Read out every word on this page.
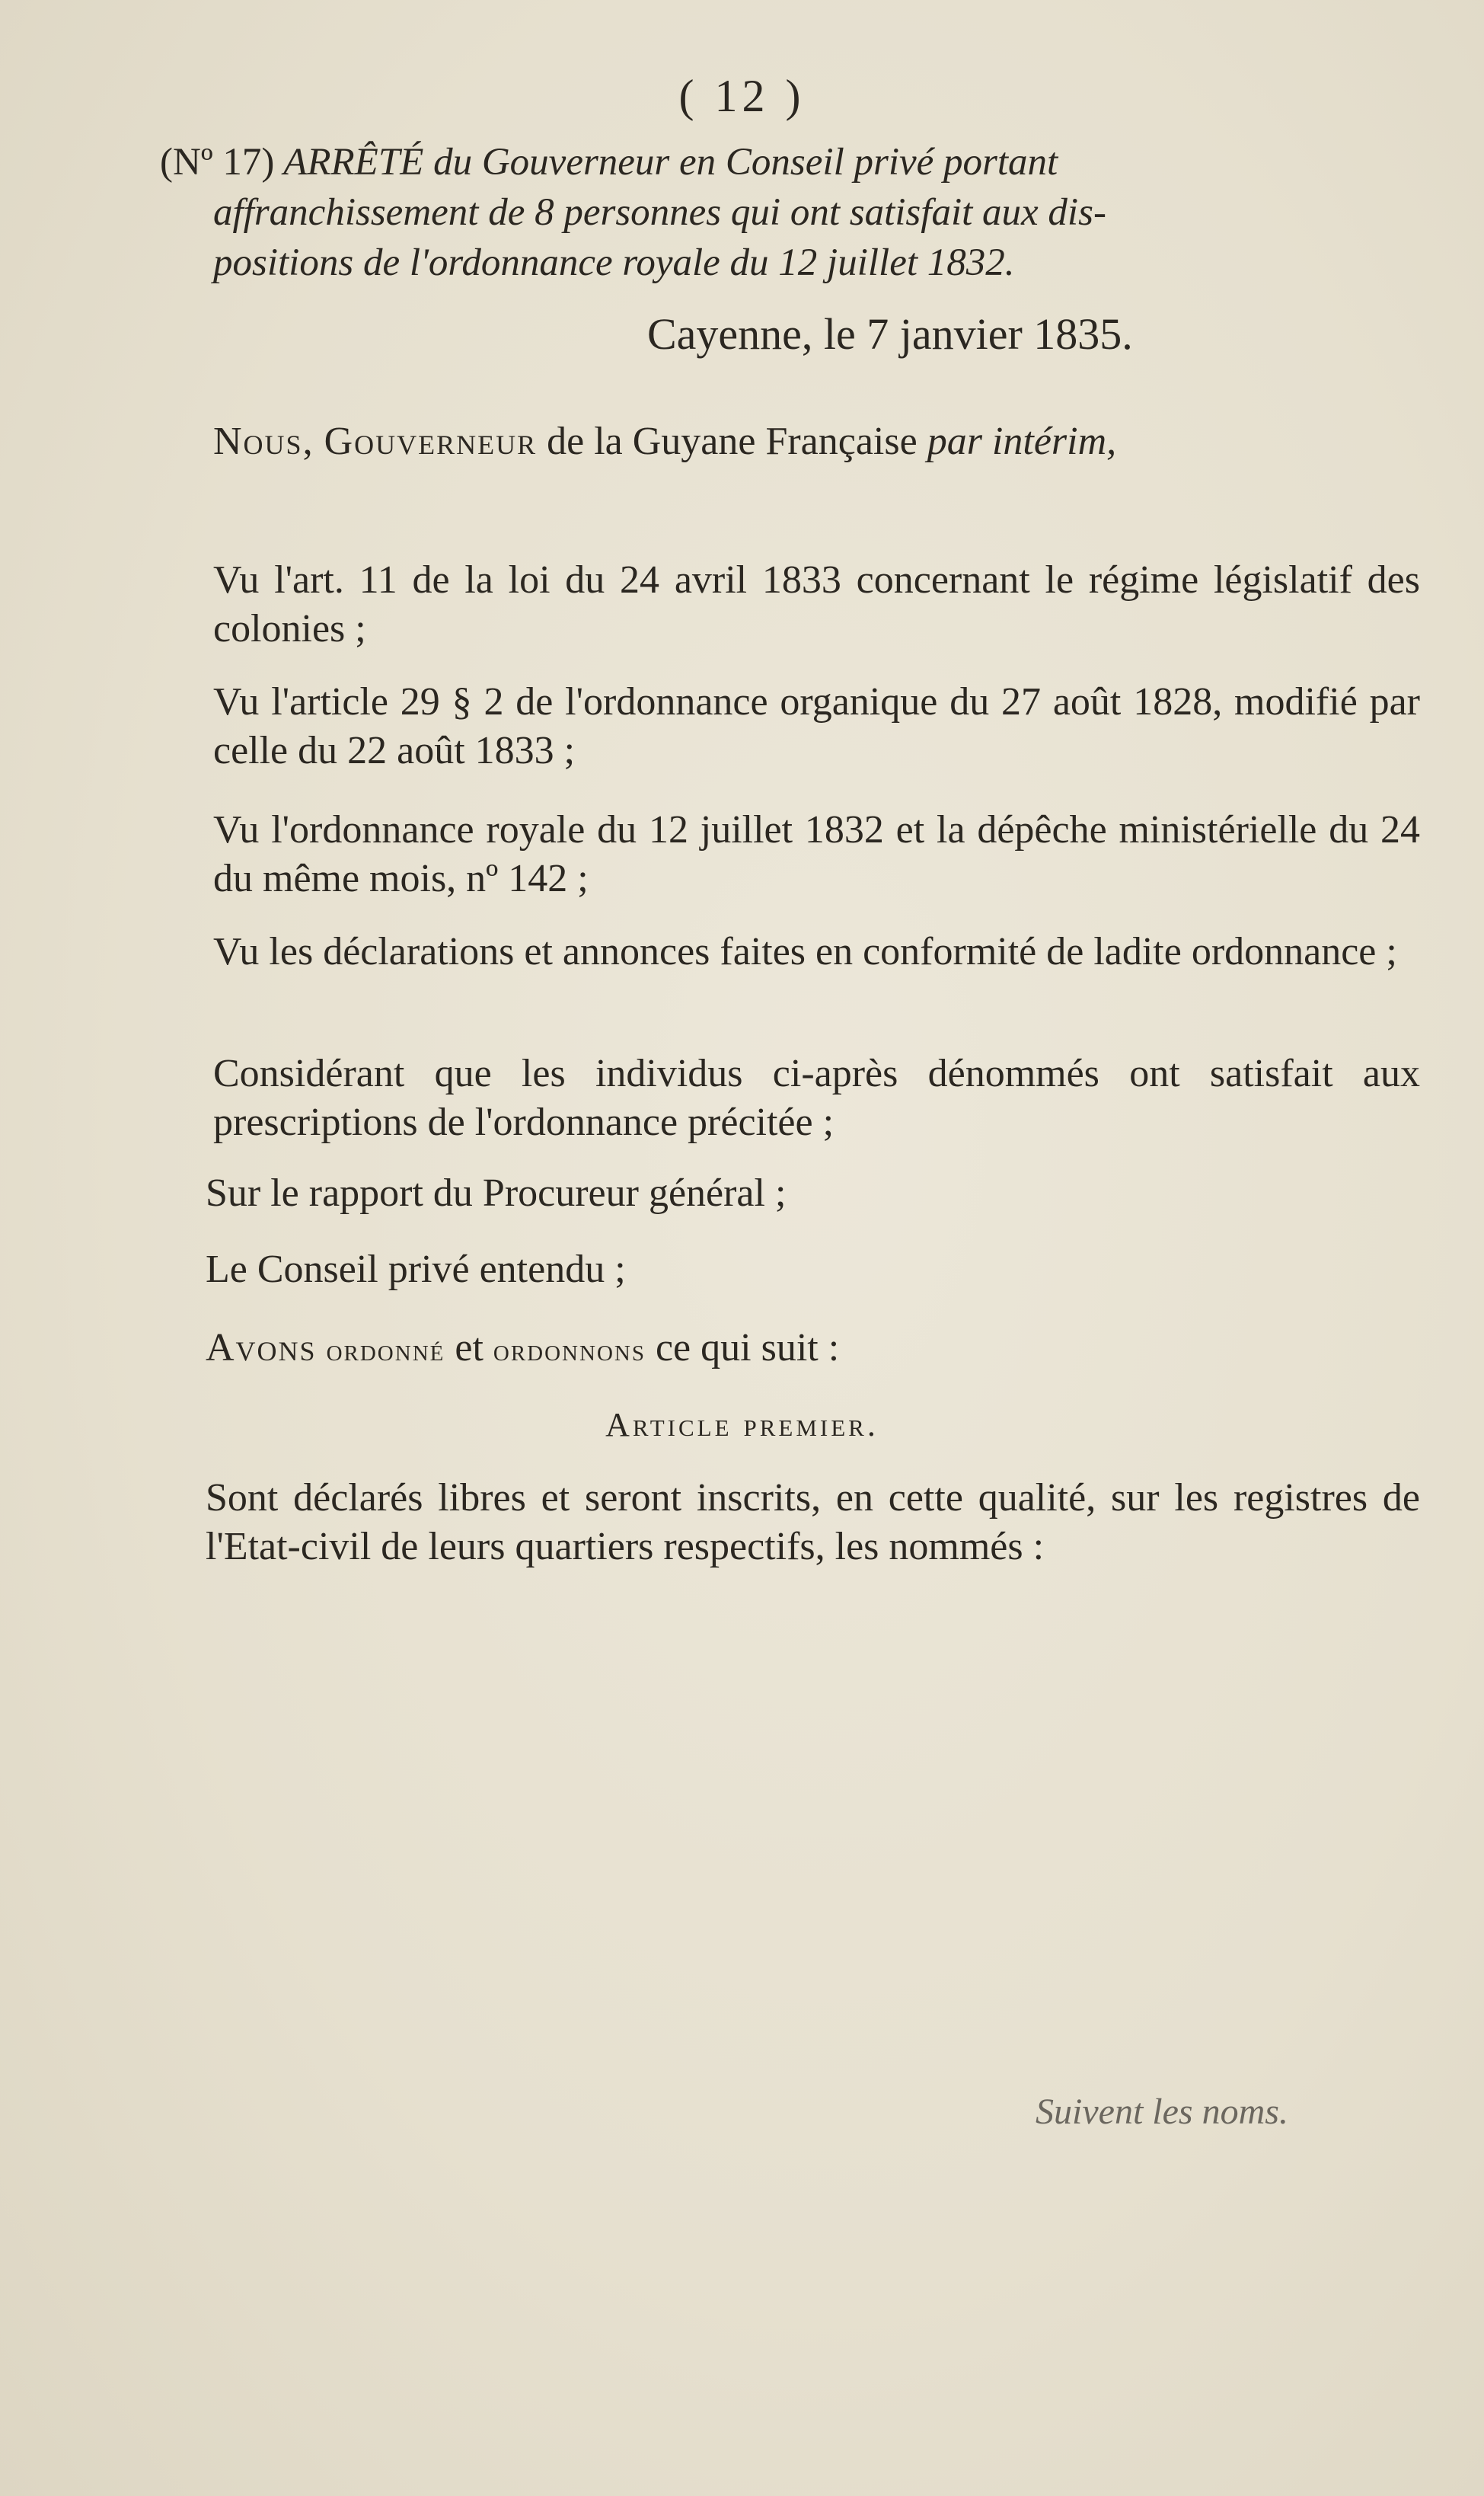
( 12 )
(Nº 17) ARRÊTÉ du Gouverneur en Conseil privé portant
affranchissement de 8 personnes qui ont satisfait aux dis-
positions de l'ordonnance royale du 12 juillet 1832.
Cayenne, le 7 janvier 1835.
Nous, Gouverneur de la Guyane Française par intérim,
Vu l'art. 11 de la loi du 24 avril 1833 concernant le régime législatif des colonies ;
Vu l'article 29 § 2 de l'ordonnance organique du 27 août 1828, modifié par celle du 22 août 1833 ;
Vu l'ordonnance royale du 12 juillet 1832 et la dépêche ministérielle du 24 du même mois, nº 142 ;
Vu les déclarations et annonces faites en conformité de ladite ordonnance ;
Considérant que les individus ci-après dénommés ont satisfait aux prescriptions de l'ordonnance précitée ;
Sur le rapport du Procureur général ;
Le Conseil privé entendu ;
Avons ordonné et ordonnons ce qui suit :
Article premier.
Sont déclarés libres et seront inscrits, en cette qualité, sur les registres de l'Etat-civil de leurs quartiers respectifs, les nommés :
Suivent les noms.
